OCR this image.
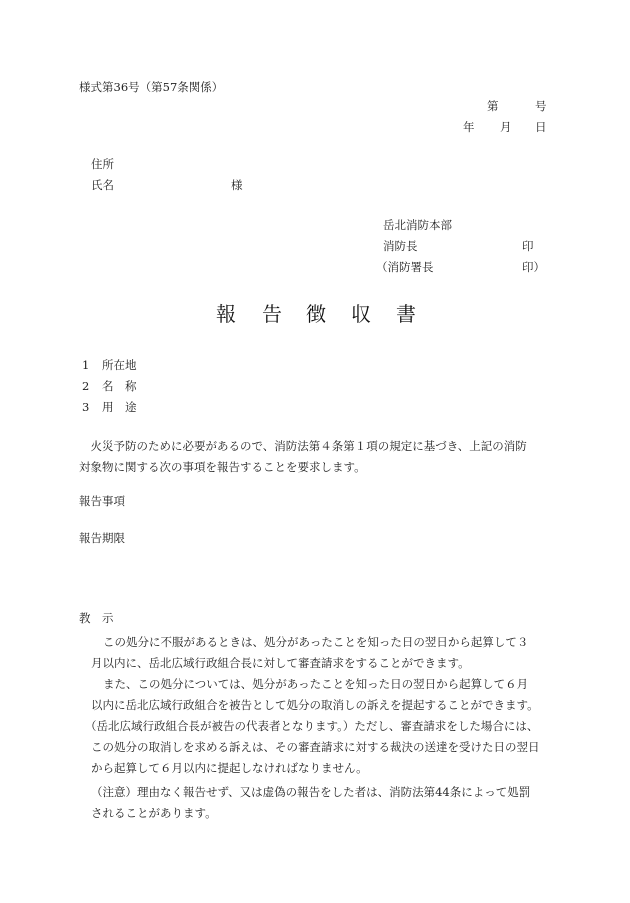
様式第36号（第57条関係）
第	号
年 月 日
住所
氏名	様
岳北消防本部
消防長	印
（消防署長	印）
報 告 徴 収 書
1 所在地
2 名　称
3 用　途
　火災予防のために必要があるので、消防法第４条第１項の規定に基づき、上記の消防
対象物に関する次の事項を報告することを要求します。
報告事項
報告期限
教　示
この処分に不服があるときは、処分があったことを知った日の翌日から起算して３
月以内に、岳北広域行政組合長に対して審査請求をすることができます。
また、この処分については、処分があったことを知った日の翌日から起算して６月
以内に岳北広域行政組合を被告として処分の取消しの訴えを提起することができます。
（岳北広域行政組合長が被告の代表者となります。）ただし、審査請求をした場合には、
この処分の取消しを求める訴えは、その審査請求に対する裁決の送達を受けた日の翌日
から起算して６月以内に提起しなければなりません。
（注意）理由なく報告せず、又は虚偽の報告をした者は、消防法第44条によって処罰
されることがあります。
